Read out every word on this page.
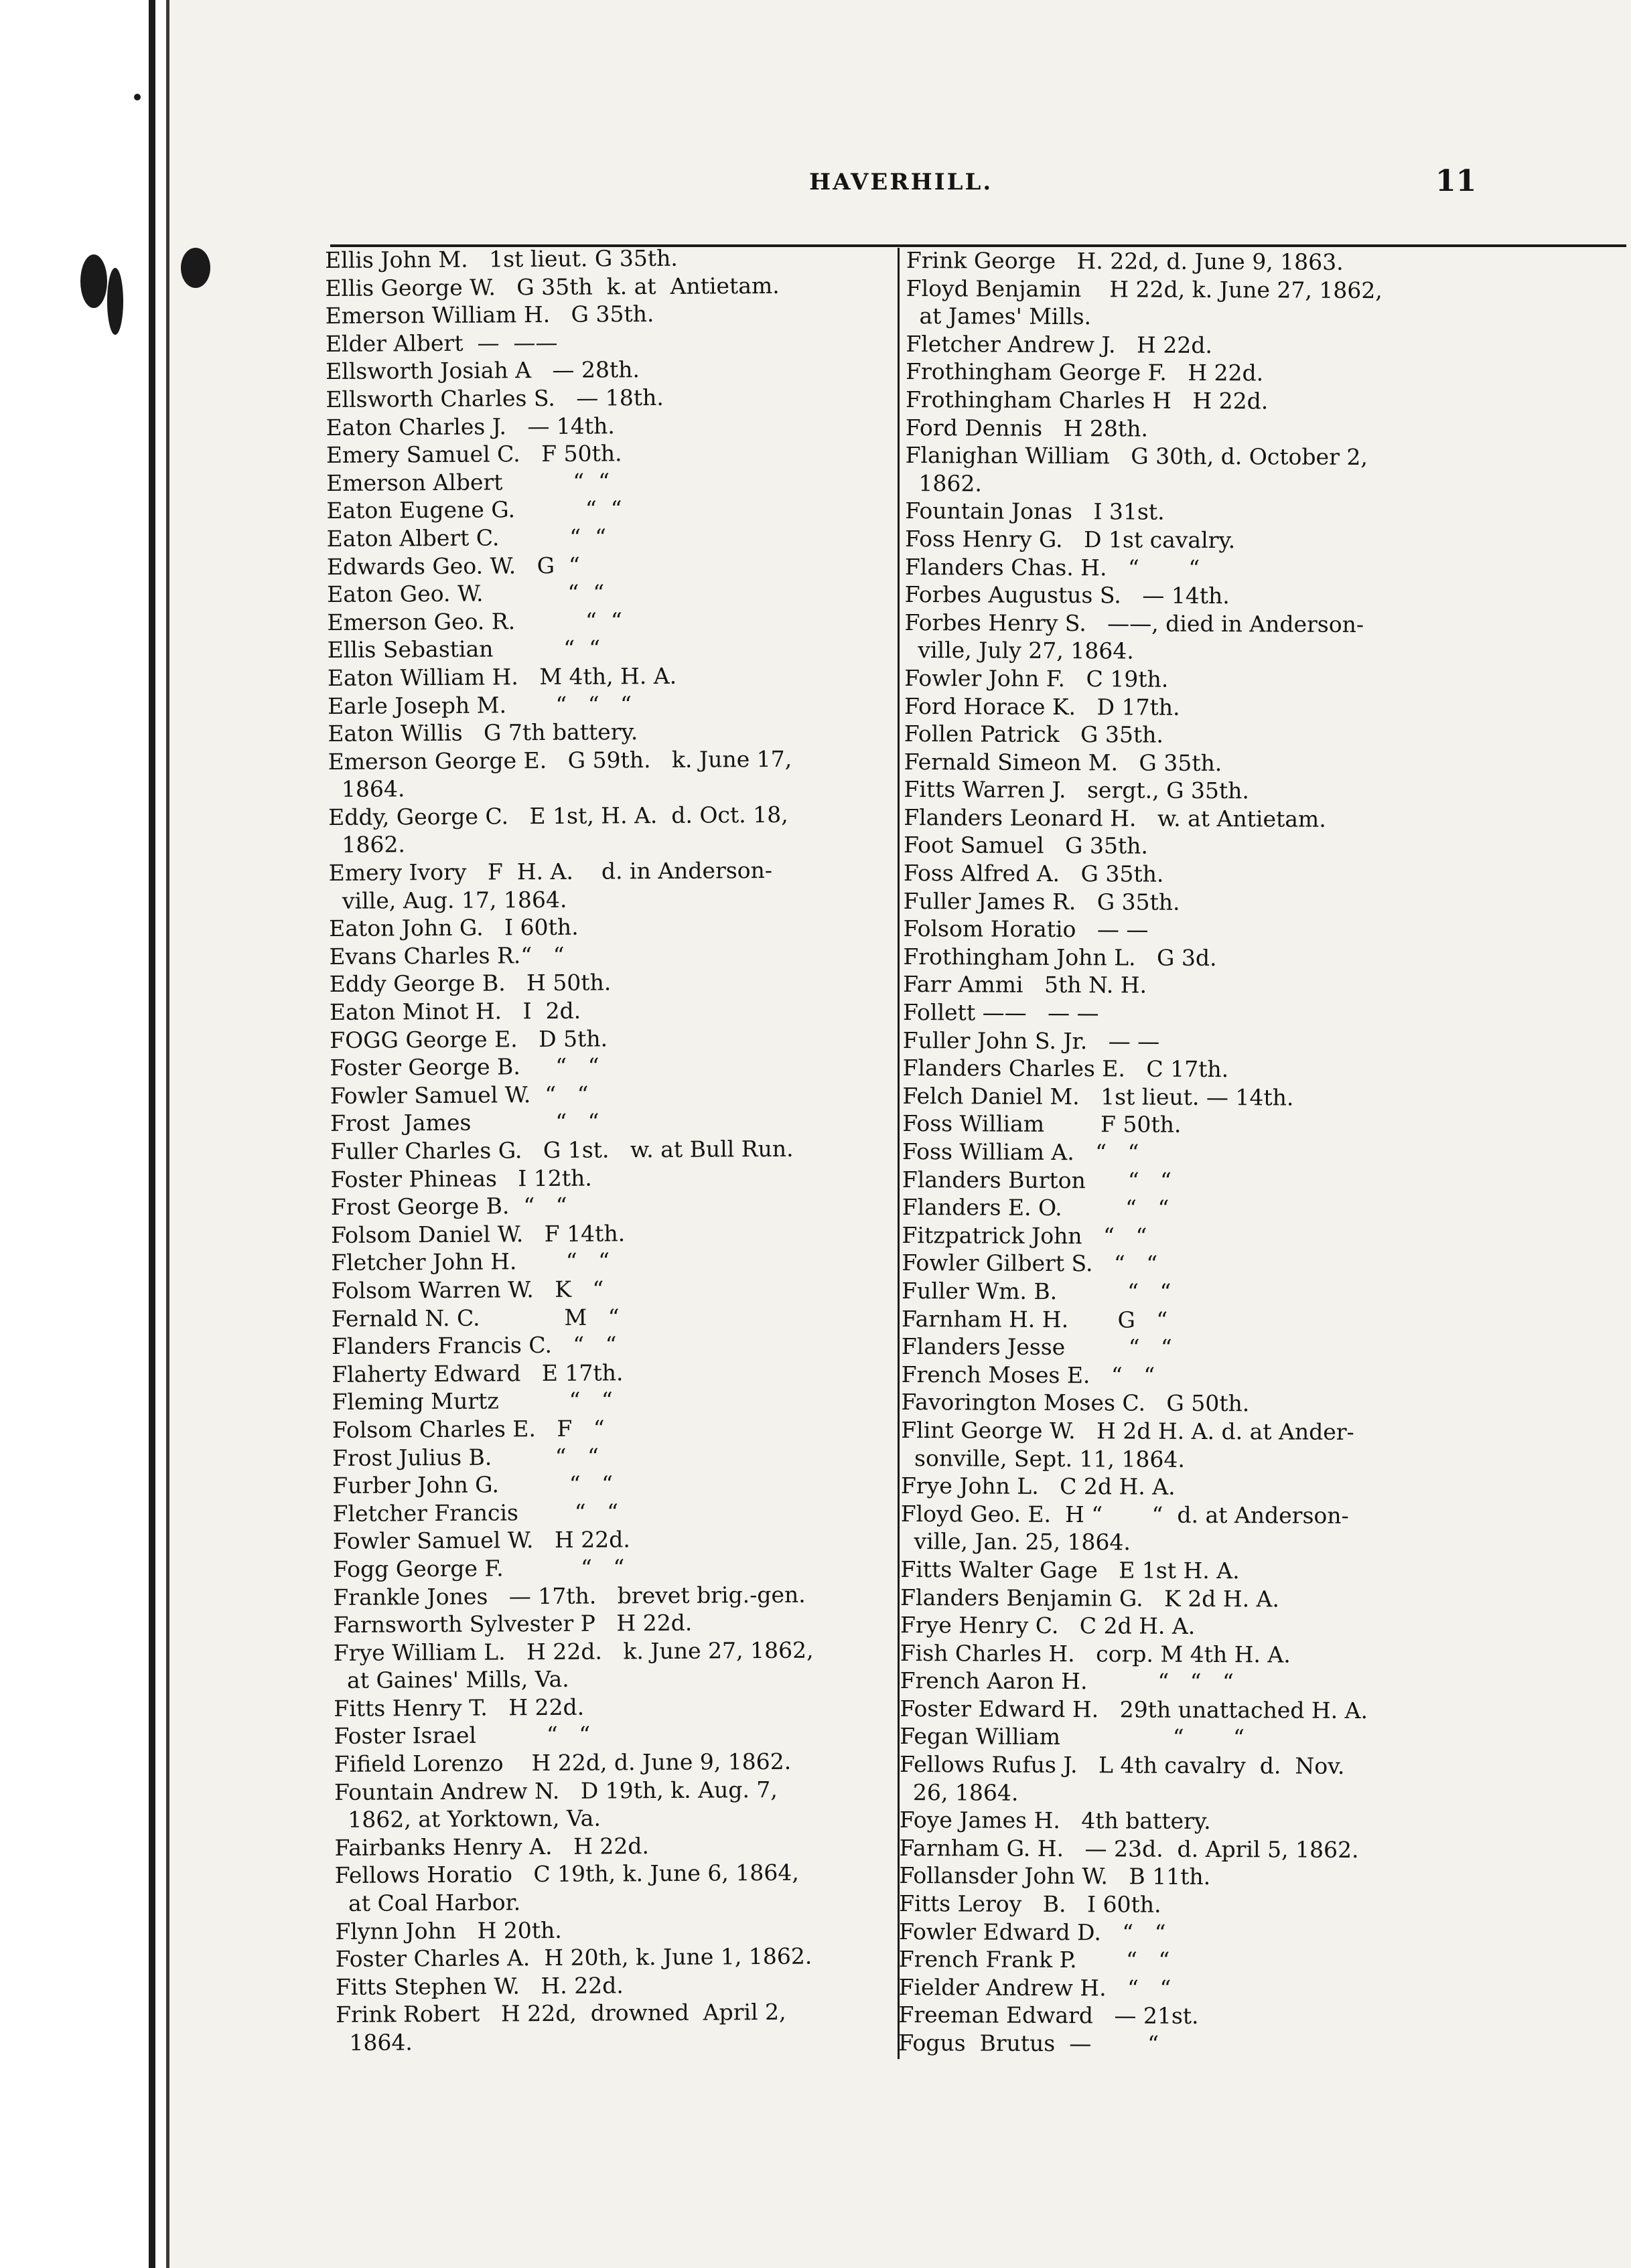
HAVERHILL.	11
Ellis John M.   1st lieut. G 35th.
Ellis George W.   G 35th  k. at  Antietam.
Emerson William H.   G 35th.
Elder Albert  —  ——
Ellsworth Josiah A   — 28th.
Ellsworth Charles S.   — 18th.
Eaton Charles J.   — 14th.
Emery Samuel C.   F 50th.
Emerson Albert          “  “
Eaton Eugene G.          “  “
Eaton Albert C.          “  “
Edwards Geo. W.   G  “
Eaton Geo. W.            “  “
Emerson Geo. R.          “  “
Ellis Sebastian          “  “
Eaton William H.   M 4th, H. A.
Earle Joseph M.       “   “   “
Eaton Willis   G 7th battery.
Emerson George E.   G 59th.   k. June 17,
1864.
Eddy, George C.   E 1st, H. A.  d. Oct. 18,
1862.
Emery Ivory   F  H. A.    d. in Anderson-
ville, Aug. 17, 1864.
Eaton John G.   I 60th.
Evans Charles R.“   “
Eddy George B.   H 50th.
Eaton Minot H.   I  2d.
FOGG George E.   D 5th.
Foster George B.     “   “
Fowler Samuel W.  “   “
Frost  James            “   “
Fuller Charles G.   G 1st.   w. at Bull Run.
Foster Phineas   I 12th.
Frost George B.  “   “
Folsom Daniel W.   F 14th.
Fletcher John H.       “   “
Folsom Warren W.   K   “
Fernald N. C.            M   “
Flanders Francis C.   “   “
Flaherty Edward   E 17th.
Fleming Murtz          “   “
Folsom Charles E.   F   “
Frost Julius B.         “   “
Furber John G.          “   “
Fletcher Francis        “   “
Fowler Samuel W.   H 22d.
Fogg George F.           “   “
Frankle Jones   — 17th.   brevet brig.-gen.
Farnsworth Sylvester P   H 22d.
Frye William L.   H 22d.   k. June 27, 1862,
at Gaines' Mills, Va.
Fitts Henry T.   H 22d.
Foster Israel          “   “
Fifield Lorenzo    H 22d, d. June 9, 1862.
Fountain Andrew N.   D 19th, k. Aug. 7,
1862, at Yorktown, Va.
Fairbanks Henry A.   H 22d.
Fellows Horatio   C 19th, k. June 6, 1864,
at Coal Harbor.
Flynn John   H 20th.
Foster Charles A.  H 20th, k. June 1, 1862.
Fitts Stephen W.   H. 22d.
Frink Robert   H 22d,  drowned  April 2,
1864.
Frink George   H. 22d, d. June 9, 1863.
Floyd Benjamin    H 22d, k. June 27, 1862,
at James' Mills.
Fletcher Andrew J.   H 22d.
Frothingham George F.   H 22d.
Frothingham Charles H   H 22d.
Ford Dennis   H 28th.
Flanighan William   G 30th, d. October 2,
1862.
Fountain Jonas   I 31st.
Foss Henry G.   D 1st cavalry.
Flanders Chas. H.   “       “
Forbes Augustus S.   — 14th.
Forbes Henry S.   ——, died in Anderson-
ville, July 27, 1864.
Fowler John F.   C 19th.
Ford Horace K.   D 17th.
Follen Patrick   G 35th.
Fernald Simeon M.   G 35th.
Fitts Warren J.   sergt., G 35th.
Flanders Leonard H.   w. at Antietam.
Foot Samuel   G 35th.
Foss Alfred A.   G 35th.
Fuller James R.   G 35th.
Folsom Horatio   — —
Frothingham John L.   G 3d.
Farr Ammi   5th N. H.
Follett ——   — —
Fuller John S. Jr.   — —
Flanders Charles E.   C 17th.
Felch Daniel M.   1st lieut. — 14th.
Foss William        F 50th.
Foss William A.   “   “
Flanders Burton      “   “
Flanders E. O.         “   “
Fitzpatrick John   “   “
Fowler Gilbert S.   “   “
Fuller Wm. B.          “   “
Farnham H. H.       G   “
Flanders Jesse         “   “
French Moses E.   “   “
Favorington Moses C.   G 50th.
Flint George W.   H 2d H. A. d. at Ander-
sonville, Sept. 11, 1864.
Frye John L.   C 2d H. A.
Floyd Geo. E.  H “       “  d. at Anderson-
ville, Jan. 25, 1864.
Fitts Walter Gage   E 1st H. A.
Flanders Benjamin G.   K 2d H. A.
Frye Henry C.   C 2d H. A.
Fish Charles H.   corp. M 4th H. A.
French Aaron H.          “   “   “
Foster Edward H.   29th unattached H. A.
Fegan William                “       “
Fellows Rufus J.   L 4th cavalry  d.  Nov.
26, 1864.
Foye James H.   4th battery.
Farnham G. H.   — 23d.  d. April 5, 1862.
Follansder John W.   B 11th.
Fitts Leroy   B.   I 60th.
Fowler Edward D.   “   “
French Frank P.       “   “
Fielder Andrew H.   “   “
Freeman Edward   — 21st.
Fogus  Brutus  —        “
